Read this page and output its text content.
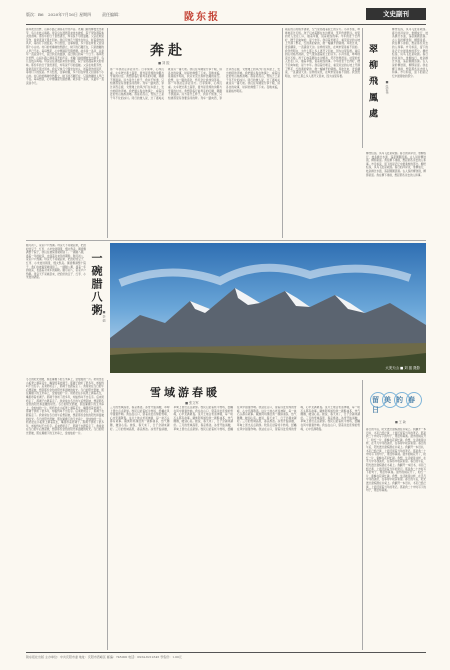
版次：B6 2020年7月16日 星期四	责任编辑：	陇东报	文史副刊
春风吹过田野，山间小路上满是花开的声音。老屋门前的柳枝发出新芽，鸟儿在枝头鸣唱。母亲总在清晨起来烧水做饭，院子里弥漫着柴火的香味。那些年的日子虽然清苦，却有说不尽的温暖。父亲在地里劳作，常常直到天黑才回来。我们兄妹几个围坐在炕头，听着窗外的风声，等待灯下的饭菜。岁月悠悠，往事如烟，多少回在梦里又回到那个小山村。村口的老槐树依然挺立，树下的石碾还在，只是推碾的人早已不在。每每想起，心中便涌起无限感慨。故乡是一条河，从童年一直流到今天，流过我们的血脉，流过我们的每一个日子。春风吹过田野，山间小路上满是花开的声音。老屋门前的柳枝发出新芽，鸟儿在枝头鸣唱。母亲总在清晨起来烧水做饭，院子里弥漫着柴火的香味。那些年的日子虽然清苦，却有说不尽的温暖。父亲在地里劳作，常常直到天黑才回来。我们兄妹几个围坐在炕头，听着窗外的风声，等待灯下的饭菜。岁月悠悠，往事如烟，多少回在梦里又回到那个小山村。村口的老槐树依然挺立，树下的石碾还在，只是推碾的人早已不在。每每想起，心中便涌起无限感慨。故乡是一条河，从童年一直流到今天。
奔赴
■ 刘 振
那一年我决定奔赴远方。行李简单，心却沉重。火车驶过黄土高原，窗外是连绵的沟壑与零星的村庄。我想起临行前母亲的叮嘱，眼眶不禁湿润。远方是什么样子，我并不知道，只知道那里有我要追寻的梦。列车一路向西，穿过河西走廊，戈壁滩上的风沙打在车窗上，发出细碎的声响。我把额头贴在玻璃上，看着远处的雪山渐渐清晰。那是祁连山，雪线之上是千年不化的冰川。同行的旅人说，过了嘉峪关就是另一番天地。我们在车厢里分享干粮，讲各自的故事，时间仿佛慢了下来。夜晚来临，星星格外明亮，我从未见过那样浩瀚的星空。我想，这一路的奔赴，终究会让我找到答案。那一年我决定奔赴远方。行李简单，心却沉重。火车驶过黄土高原，窗外是连绵的沟壑与零星的村庄。我想起临行前母亲的叮嘱，眼眶不禁湿润。远方是什么样子，我并不知道，只知道那里有我要追寻的梦。列车一路向西，穿过河西走廊，戈壁滩上的风沙打在车窗上，发出细碎的声响。我把额头贴在玻璃上，看着远处的雪山渐渐清晰。那是祁连山，雪线之上是千年不化的冰川。同行的旅人说，过了嘉峪关就是另一番天地。我们在车厢里分享干粮，讲各自的故事，时间仿佛慢了下来。夜晚来临，星星格外明亮。
雨后的山村格外清新，空气里弥漫着泥土的芬芳。小河水涨，哗哗地流过石桥。孩子们赤着脚在水边嬉戏，笑声传得很远。村里的老人坐在门口，抽着旱烟，说着收成的事。今年的麦子长得好，穗子沉甸甸的，是个丰年。我沿着田埂走，看见远处的山坡上开满了野花，红的黄的紫的，像一幅铺开的锦绣。风吹过来，麦浪翻滚，一直涌到天边。这样的景色，在城市里是看不到的。我忽然明白，为什么那么多人离开又回来，因为这里有根。雨后的山村格外清新，空气里弥漫着泥土的芬芳。小河水涨，哗哗地流过石桥。孩子们赤着脚在水边嬉戏，笑声传得很远。村里的老人坐在门口，抽着旱烟，说着收成的事。今年的麦子长得好，穗子沉甸甸的，是个丰年。我沿着田埂走，看见远处的山坡上开满了野花，红的黄的紫的，像一幅铺开的锦绣。风吹过来，麦浪翻滚，一直涌到天边。这样的景色，在城市里是看不到的。我忽然明白，为什么那么多人离开又回来，因为这里有根。	翠 柳 飛 鳳 處	■ 张宏伟
柳丝轻扬，凤鸟飞处是故园。春日的河岸边，垂柳成行，枝条拂过水面，荡起圈圈涟漪。古人说折柳送别，柳即是留。我在柳下徘徊，想起那些远去的人和事。岁月如流，留下的是记忆中最柔软的部分。柳丝轻扬，凤鸟飞处是故园。春日的河岸边，垂柳成行，枝条拂过水面，荡起圈圈涟漪。古人说折柳送别，柳即是留。我在柳下徘徊，想起那些远去的人和事。岁月如流，留下的是记忆中最柔软的部分。
柳丝轻扬，凤鸟飞处是故园。春日的河岸边，垂柳成行，枝条拂过水面，荡起圈圈涟漪。古人说折柳送别，柳即是留。我在柳下徘徊，想起那些远去的人和事。岁月如流，留下的是记忆中最柔软的部分。柳丝轻扬，凤鸟飞处是故园。春日的河岸边，垂柳成行，枝条拂过水面，荡起圈圈涟漪。古人说折柳送别，柳即是留。我在柳下徘徊，想起那些远去的人和事。
腊月初八，家家户户熬粥。母亲天不亮就起来，把泡好的豆子、红枣、小米放进锅里，慢火熬煮。粥香飘满整个院子，我们在被窝里就闻到了。一碗腊八粥，盛着一年的收获，也盛着对来年的期盼。腊月初八，家家户户熬粥。母亲天不亮就起来，把泡好的豆子、红枣、小米放进锅里，慢火熬煮。粥香飘满整个院子，我们在被窝里就闻到了。一碗腊八粥，盛着一年的收获，也盛着对来年的期盼。腊月初八，家家户户熬粥。母亲天不亮就起来，把泡好的豆子、红枣、小米放进锅里。	一碗腊八粥 ■ 李 娟
大美天山 ■ 刘 振 摄影
冬日的阳光很暖，照在屋檐下的玉米串上，金灿灿的一片。奶奶坐在小板凳上剥着花生，嘴里哼着老调子。那调子我听了很多年，却始终叫不出名字。后来奶奶走了，那调子也跟着走了。我常常在冬日的午后想起她，想起那些金色的阳光和温暖的时光。冬日的阳光很暖，照在屋檐下的玉米串上，金灿灿的一片。奶奶坐在小板凳上剥着花生，嘴里哼着老调子。那调子我听了很多年，却始终叫不出名字。后来奶奶走了，那调子也跟着走了。我常常在冬日的午后想起她，想起那些金色的阳光和温暖的时光。冬日的阳光很暖，照在屋檐下的玉米串上，金灿灿的一片。奶奶坐在小板凳上剥着花生，嘴里哼着老调子。那调子我听了很多年，却始终叫不出名字。后来奶奶走了，那调子也跟着走了。我常常在冬日的午后想起她，想起那些金色的阳光和温暖的时光。冬日的阳光很暖，照在屋檐下的玉米串上，金灿灿的一片。奶奶坐在小板凳上剥着花生，嘴里哼着老调子。那调子我听了很多年，却始终叫不出名字。后来奶奶走了，那调子也跟着走了。我常常在冬日的午后想起她，想起那些金色的阳光和温暖的时光。冬日的阳光很暖，照在屋檐下的玉米串上，金灿灿的一片。
雪域游春暖
■ 张文军
三月的雪域高原，春意渐浓。冰雪开始消融，草甸上冒出点点新绿。牧民们赶着牦牛转场，经幡在风中猎猎作响。我站在山口，望着远处连绵的雪峰，心中充满敬畏。这片土地古老而神秘，每一块石头都有故事。藏族阿妈递给我一碗酥油茶，热气腾腾，暖到心底。她说，春天来了，日子会越来越好。三月的雪域高原，春意渐浓。冰雪开始消融，草甸上冒出点点新绿。牧民们赶着牦牛转场，经幡在风中猎猎作响。我站在山口，望着远处连绵的雪峰，心中充满敬畏。这片土地古老而神秘，每一块石头都有故事。藏族阿妈递给我一碗酥油茶，热气腾腾，暖到心底。她说，春天来了，日子会越来越好。三月的雪域高原，春意渐浓。冰雪开始消融，草甸上冒出点点新绿。牧民们赶着牦牛转场，经幡在风中猎猎作响。我站在山口，望着远处连绵的雪峰，心中充满敬畏。这片土地古老而神秘，每一块石头都有故事。藏族阿妈递给我一碗酥油茶，热气腾腾，暖到心底。她说，春天来了，日子会越来越好。三月的雪域高原，春意渐浓。冰雪开始消融，草甸上冒出点点新绿。牧民们赶着牦牛转场，经幡在风中猎猎作响。我站在山口，望着远处连绵的雪峰，心中充满敬畏。这片土地古老而神秘，每一块石头都有故事。藏族阿妈递给我一碗酥油茶，热气腾腾，暖到心底。她说，春天来了，日子会越来越好。三月的雪域高原，春意渐浓。冰雪开始消融，草甸上冒出点点新绿。牧民们赶着牦牛转场，经幡在风中猎猎作响。我站在山口，望着远处连绵的雪峰，心中充满敬畏。
留美的春日
■ 王 敏
春日的午后，阳光透过窗棂洒在书桌上。我翻开一本旧书，书页已经泛黄，上面还留着当年的笔记。那是我二十岁时写下的句子，青涩却真诚。窗外的桃花开了，粉红一片，蜜蜂在花间忙碌。我想，生活就是这样，在平凡中寻找美好，在等待中收获希望。春日的午后，阳光透过窗棂洒在书桌上。我翻开一本旧书，书页已经泛黄，上面还留着当年的笔记。那是我二十岁时写下的句子，青涩却真诚。窗外的桃花开了，粉红一片，蜜蜂在花间忙碌。我想，生活就是这样，在平凡中寻找美好，在等待中收获希望。春日的午后，阳光透过窗棂洒在书桌上。我翻开一本旧书，书页已经泛黄，上面还留着当年的笔记。那是我二十岁时写下的句子，青涩却真诚。窗外的桃花开了，粉红一片，蜜蜂在花间忙碌。我想，生活就是这样，在平凡中寻找美好，在等待中收获希望。春日的午后，阳光透过窗棂洒在书桌上。我翻开一本旧书，书页已经泛黄，上面还留着当年的笔记。那是我二十岁时写下的句子，青涩却真诚。
陇东报社出版 主办单位：中共庆阳市委 地址：庆阳市西峰区 邮编：745000 电话：0934-8212345 零售价：1.00元
